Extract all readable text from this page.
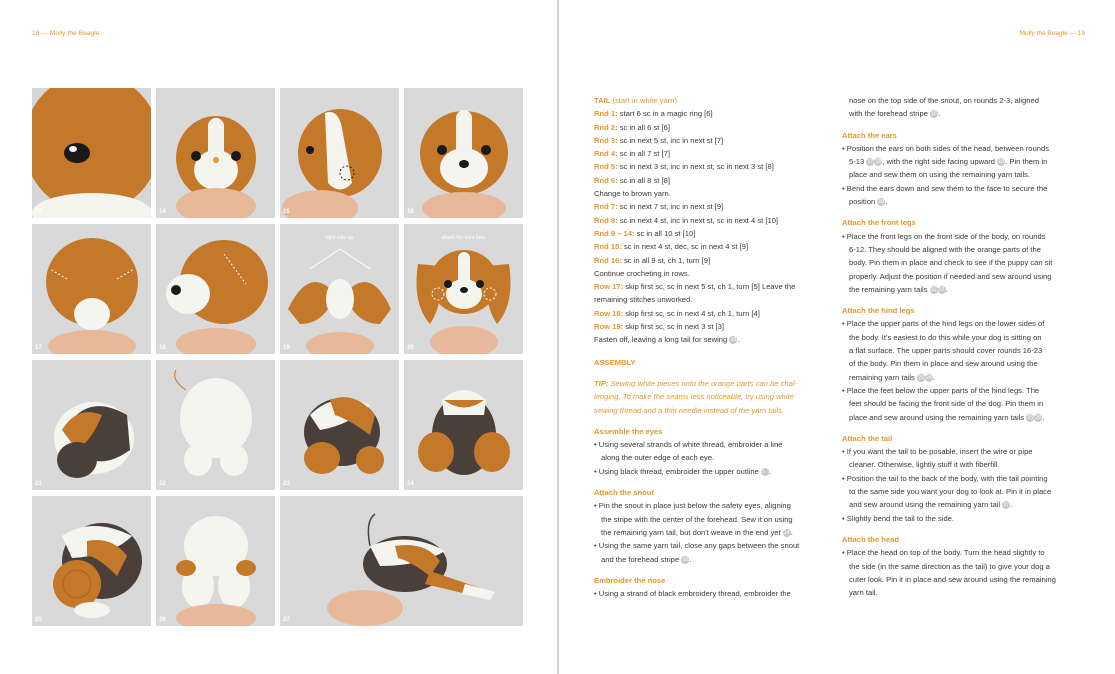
18 — Molly the Beagle	Molly the Beagle — 19
13	14	15	16
17	18
right side up
19
attach the ears here
20
21	22	23	24
25	26	27
TAIL (start in white yarn)
Rnd 1: start 6 sc in a magic ring [6]
Rnd 2: sc in all 6 st [6]
Rnd 3: sc in next 5 st, inc in next st [7]
Rnd 4: sc in all 7 st [7]
Rnd 5: sc in next 3 st, inc in next st, sc in next 3 st [8]
Rnd 6: sc in all 8 st [8]
Change to brown yarn.
Rnd 7: sc in next 7 st, inc in next st [9]
Rnd 8: sc in next 4 st, inc in next st, sc in next 4 st [10]
Rnd 9 – 14: sc in all 10 st [10]
Rnd 15: sc in next 4 st, dec, sc in next 4 st [9]
Rnd 16: sc in all 9 st, ch 1, turn [9]
Continue crocheting in rows.
Row 17: skip first sc, sc in next 5 st, ch 1, turn [5] Leave the
remaining stitches unworked.
Row 18: skip first sc, sc in next 4 st, ch 1, turn [4]
Row 19: skip first sc, sc in next 3 st [3]
Fasten off, leaving a long tail for sewing 13.
ASSEMBLY
TIP: Sewing white pieces onto the orange parts can be chal-
lenging. To make the seams less noticeable, try using white
sewing thread and a thin needle instead of the yarn tails.
Assemble the eyes
• Using several strands of white thread, embroider a line
along the outer edge of each eye.
• Using black thread, embroider the upper outline 13 .
Attach the snout
• Pin the snout in place just below the safety eyes, aligning
the stripe with the center of the forehead. Sew it on using
the remaining yarn tail, but don't weave in the end yet 14.
• Using the same yarn tail, close any gaps between the snout
and the forehead stripe 15.
Embroider the nose
• Using a strand of black embroidery thread, embroider the
nose on the top side of the snout, on rounds 2-3, aligned
with the forehead stripe 16.
Attach the ears
• Position the ears on both sides of the head, between rounds
5-13 17 18, with the right side facing upward 19. Pin them in
place and sew them on using the remaining yarn tails.
• Bend the ears down and sew them to the face to secure the
position 20.
Attach the front legs
• Place the front legs on the front side of the body, on rounds
6-12. They should be aligned with the orange parts of the
body. Pin them in place and check to see if the puppy can sit
properly. Adjust the position if needed and sew around using
the remaining yarn tails 21 22.
Attach the hind legs
• Place the upper parts of the hind legs on the lower sides of
the body. It's easiest to do this while your dog is sitting on
a flat surface. The upper parts should cover rounds 16-23
of the body. Pin them in place and sew around using the
remaining yarn tails 23 24.
• Place the feet below the upper parts of the hind legs. The
feet should be facing the front side of the dog. Pin them in
place and sew around using the remaining yarn tails 25 26.
Attach the tail
• If you want the tail to be posable, insert the wire or pipe
cleaner. Otherwise, lightly stuff it with fiberfill.
• Position the tail to the back of the body, with the tail pointing
to the same side you want your dog to look at. Pin it in place
and sew around using the remaining yarn tail 27.
• Slightly bend the tail to the side.
Attach the head
• Place the head on top of the body. Turn the head slightly to
the side (in the same direction as the tail) to give your dog a
cuter look. Pin it in place and sew around using the remaining
yarn tail.
